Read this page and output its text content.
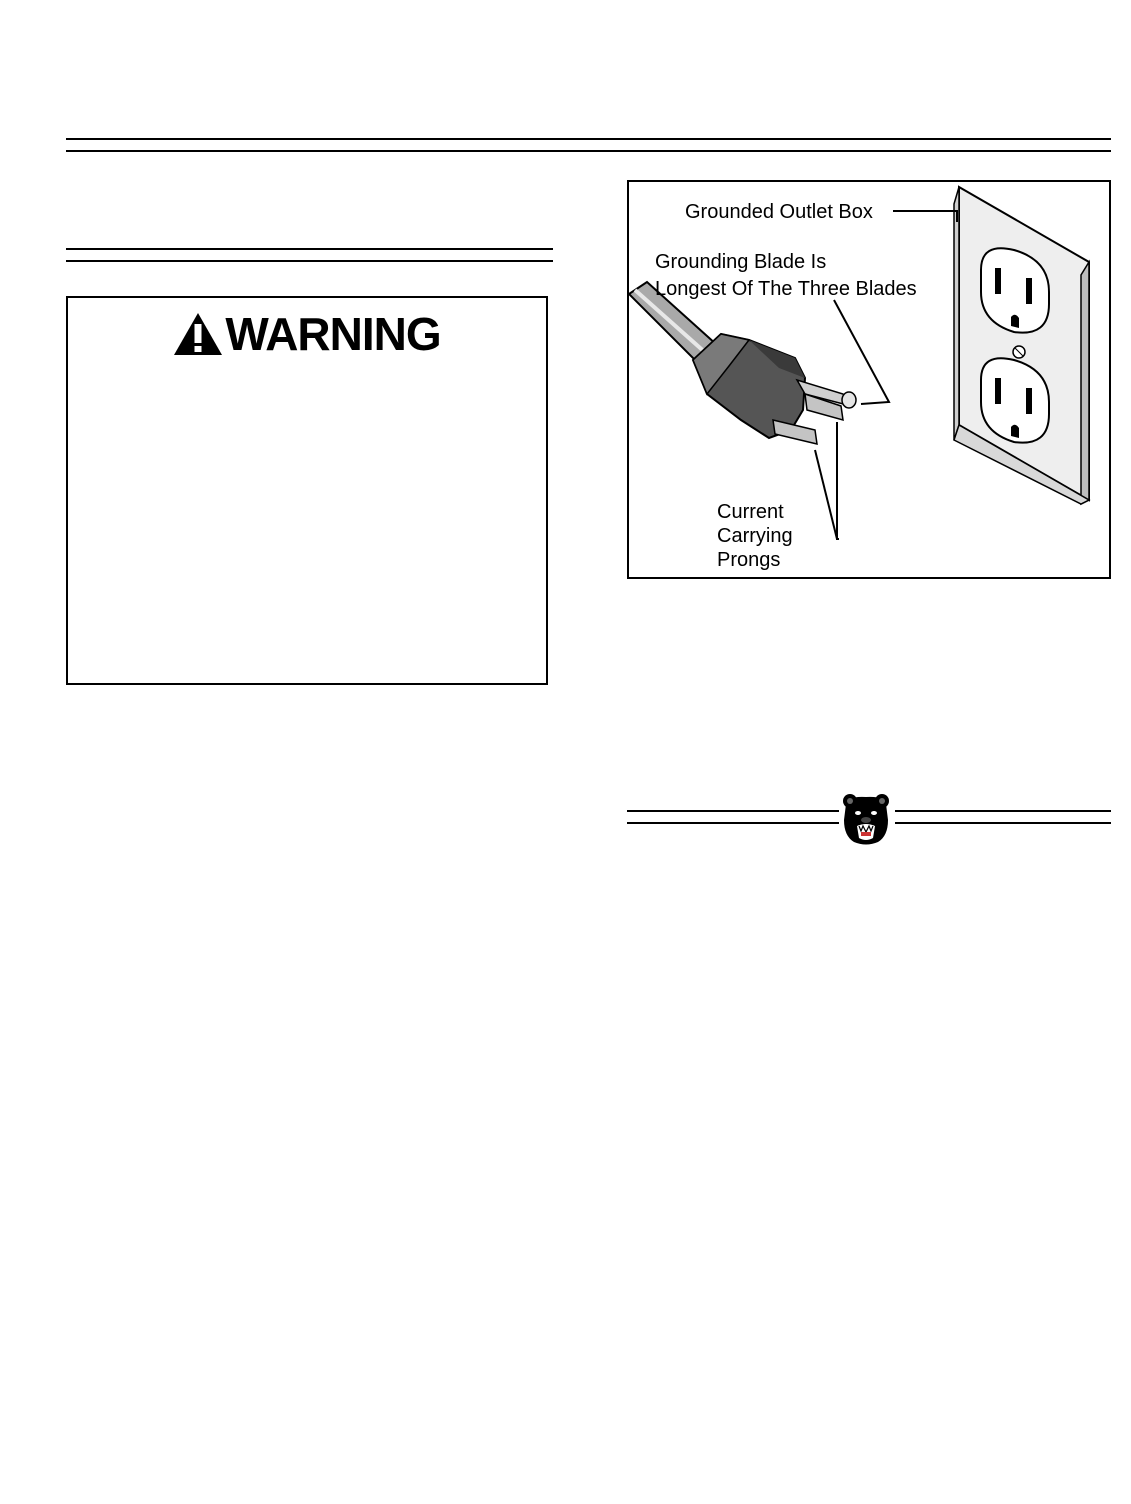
WARNING
Grounded Outlet Box
Grounding Blade Is
Longest Of The Three Blades
Current
Carrying
Prongs
